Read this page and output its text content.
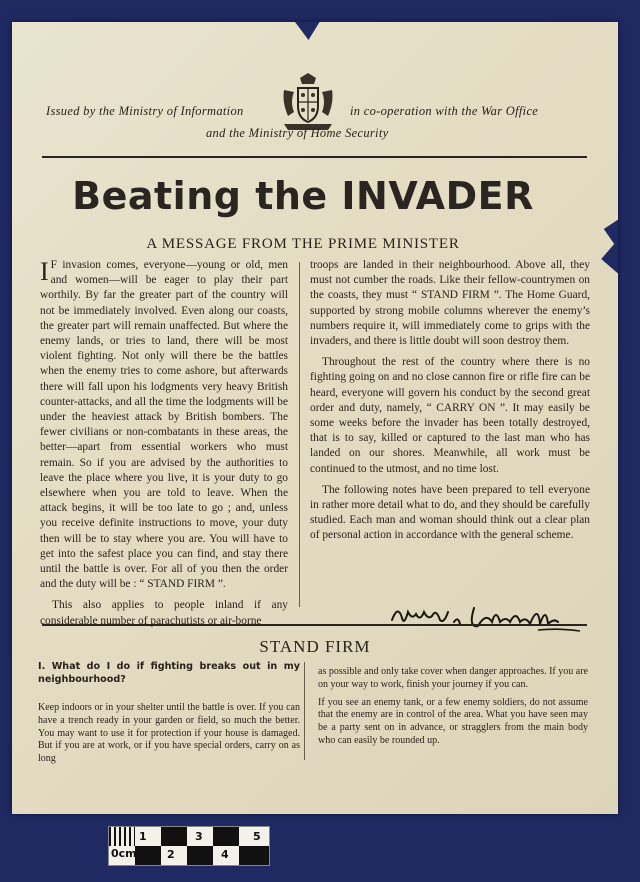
Issued by the Ministry of Information	in co-operation with the War Office
and the Ministry of Home Security
Beating the INVADER
A MESSAGE FROM THE PRIME MINISTER

I F invasion comes, everyone—young or old, men and women—will be eager to play their part worthily. By far the greater part of the country will not be immediately involved. Even along our coasts, the greater part will remain unaffected. But where the enemy lands, or tries to land, there will be most violent fighting. Not only will there be the battles when the enemy tries to come ashore, but afterwards there will fall upon his lodgments very heavy British counter-attacks, and all the time the lodgments will be under the heaviest attack by British bombers. The fewer civilians or non-combatants in these areas, the better—apart from essential workers who must remain. So if you are advised by the authorities to leave the place where you live, it is your duty to go elsewhere when you are told to leave. When the attack begins, it will be too late to go ; and, unless you receive definite instructions to move, your duty then will be to stay where you are. You will have to get into the safest place you can find, and stay there until the battle is over. For all of you then the order and the duty will be : “ STAND FIRM ”.

This also applies to people inland if any considerable number of parachutists or air-borne

troops are landed in their neighbourhood. Above all, they must not cumber the roads. Like their fellow-countrymen on the coasts, they must “ STAND FIRM ”. The Home Guard, supported by strong mobile columns wherever the enemy’s numbers require it, will immediately come to grips with the invaders, and there is little doubt will soon destroy them.

Throughout the rest of the country where there is no fighting going on and no close cannon fire or rifle fire can be heard, everyone will govern his conduct by the second great order and duty, namely, “ CARRY ON ”. It may easily be some weeks before the invader has been totally destroyed, that is to say, killed or captured to the last man who has landed on our shores. Meanwhile, all work must be continued to the utmost, and no time lost.

The following notes have been prepared to tell everyone in rather more detail what to do, and they should be carefully studied. Each man and woman should think out a clear plan of personal action in accordance with the general scheme.

STAND FIRM

I. What do I do if fighting breaks out in my neighbourhood?

Keep indoors or in your shelter until the battle is over. If you can have a trench ready in your garden or field, so much the better. You may want to use it for protection if your house is damaged. But if you are at work, or if you have special orders, carry on as long

as possible and only take cover when danger approaches. If you are on your way to work, finish your journey if you can.

If you see an enemy tank, or a few enemy soldiers, do not assume that the enemy are in control of the area. What you have seen may be a party sent on in advance, or stragglers from the main body who can easily be rounded up.

0cm
1
2
3
4
5
